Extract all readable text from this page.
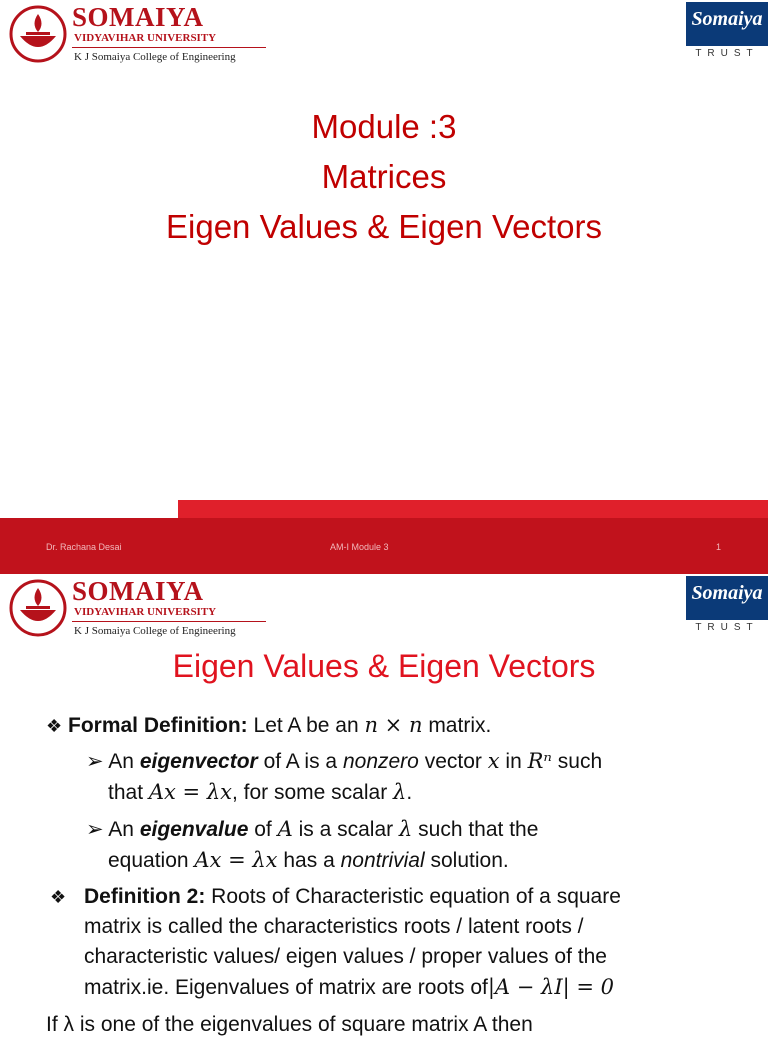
SOMAIYA
VIDYAVIHAR UNIVERSITY
K J Somaiya College of Engineering
Somaiya
TRUST
Module :3
Matrices
Eigen Values & Eigen Vectors
Dr. Rachana Desai	AM-I Module 3	1
SOMAIYA
VIDYAVIHAR UNIVERSITY
K J Somaiya College of Engineering
Somaiya
TRUST
Eigen Values & Eigen Vectors
❖ Formal Definition: Let A be an n × n matrix.
➢ An eigenvector of A is a nonzero vector x in Rⁿ such
that Ax = λx, for some scalar λ.
➢ An eigenvalue of A is a scalar λ such that the
equation Ax = λx has a nontrivial solution.
❖ Definition 2: Roots of Characteristic equation of a square
matrix is called the characteristics roots / latent roots /
characteristic values/ eigen values / proper values of the
matrix.ie. Eigenvalues of matrix are roots of|A − λI| = 0
If λ is one of the eigenvalues of square matrix A then
